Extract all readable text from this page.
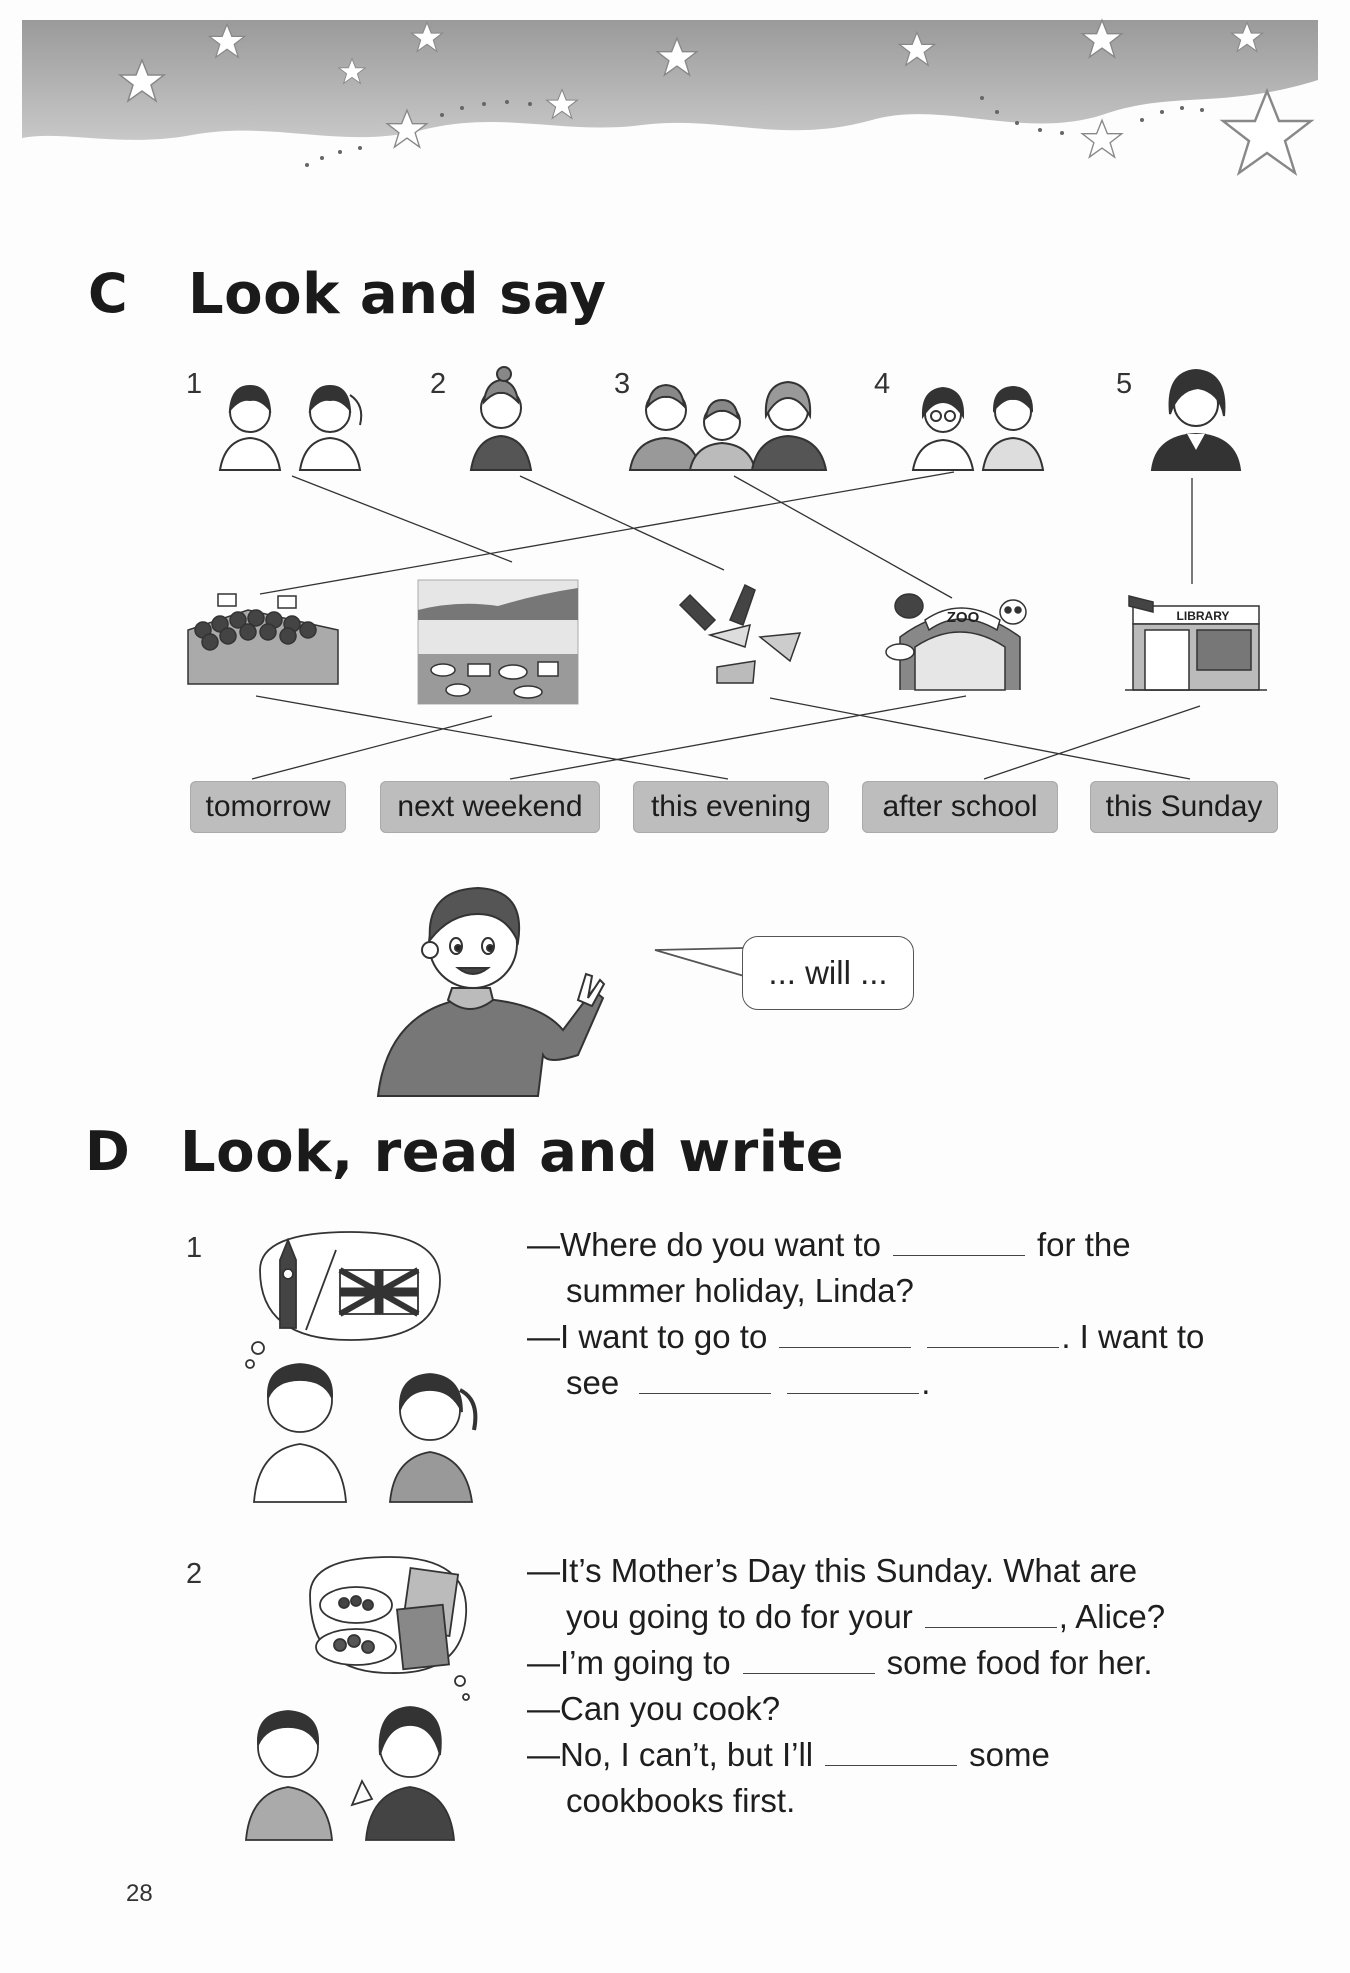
C Look and say
1	2	3	4	5
ZOO	LIBRARY
tomorrow	next weekend	this evening	after school	this Sunday
... will ...
D Look, read and write
1	—Where do you want to	for the
summer holiday, Linda?
—I want to go to	. I want to
see	.
2	—It’s Mother’s Day this Sunday. What are
you going to do for your	, Alice?
—I’m going to	some food for her.
—Can you cook?
—No, I can’t, but I’ll	some
cookbooks first.
28
